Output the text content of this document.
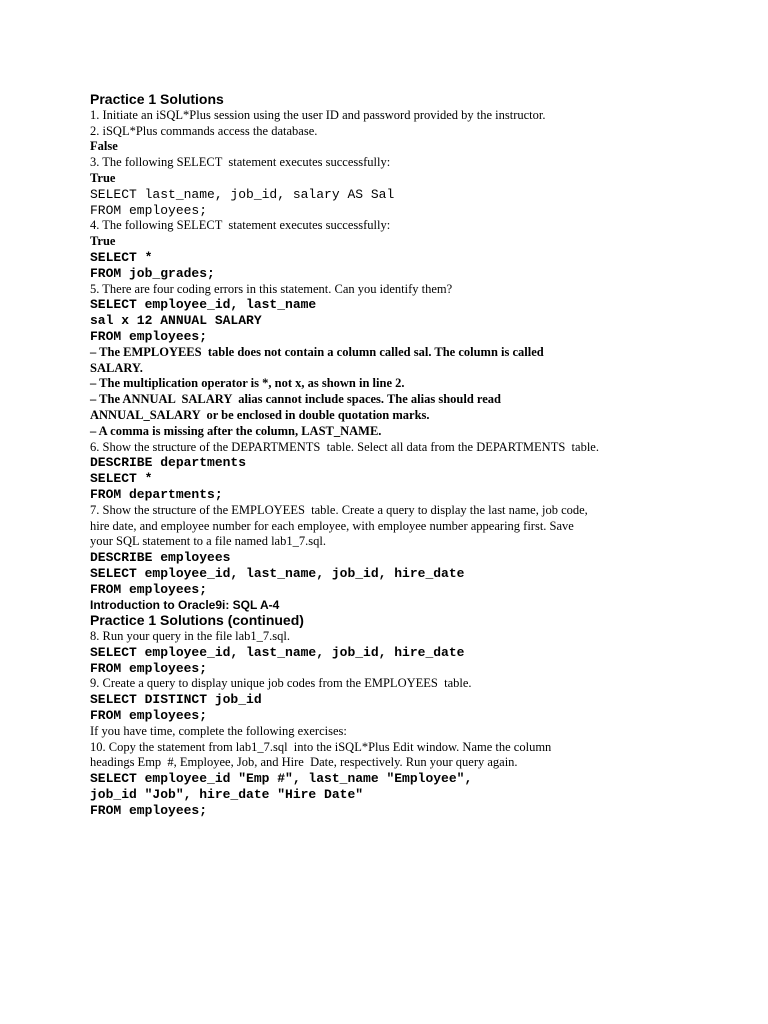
Practice 1 Solutions
1. Initiate an iSQL*Plus session using the user ID and password provided by the instructor.
2. iSQL*Plus commands access the database.
False
3. The following SELECT  statement executes successfully:
True
SELECT last_name, job_id, salary AS Sal
FROM employees;
4. The following SELECT  statement executes successfully:
True
SELECT *
FROM job_grades;
5. There are four coding errors in this statement. Can you identify them?
SELECT employee_id, last_name
sal x 12 ANNUAL SALARY
FROM employees;
– The EMPLOYEES  table does not contain a column called sal. The column is called
SALARY.
– The multiplication operator is *, not x, as shown in line 2.
– The ANNUAL  SALARY  alias cannot include spaces. The alias should read
ANNUAL_SALARY  or be enclosed in double quotation marks.
– A comma is missing after the column, LAST_NAME.
6. Show the structure of the DEPARTMENTS  table. Select all data from the DEPARTMENTS  table.
DESCRIBE departments
SELECT *
FROM departments;
7. Show the structure of the EMPLOYEES  table. Create a query to display the last name, job code,
hire date, and employee number for each employee, with employee number appearing first. Save
your SQL statement to a file named lab1_7.sql.
DESCRIBE employees
SELECT employee_id, last_name, job_id, hire_date
FROM employees;
Introduction to Oracle9i: SQL A-4
Practice 1 Solutions (continued)
8. Run your query in the file lab1_7.sql.
SELECT employee_id, last_name, job_id, hire_date
FROM employees;
9. Create a query to display unique job codes from the EMPLOYEES  table.
SELECT DISTINCT job_id
FROM employees;
If you have time, complete the following exercises:
10. Copy the statement from lab1_7.sql  into the iSQL*Plus Edit window. Name the column
headings Emp  #, Employee, Job, and Hire  Date, respectively. Run your query again.
SELECT employee_id "Emp #", last_name "Employee",
job_id "Job", hire_date "Hire Date"
FROM employees;
